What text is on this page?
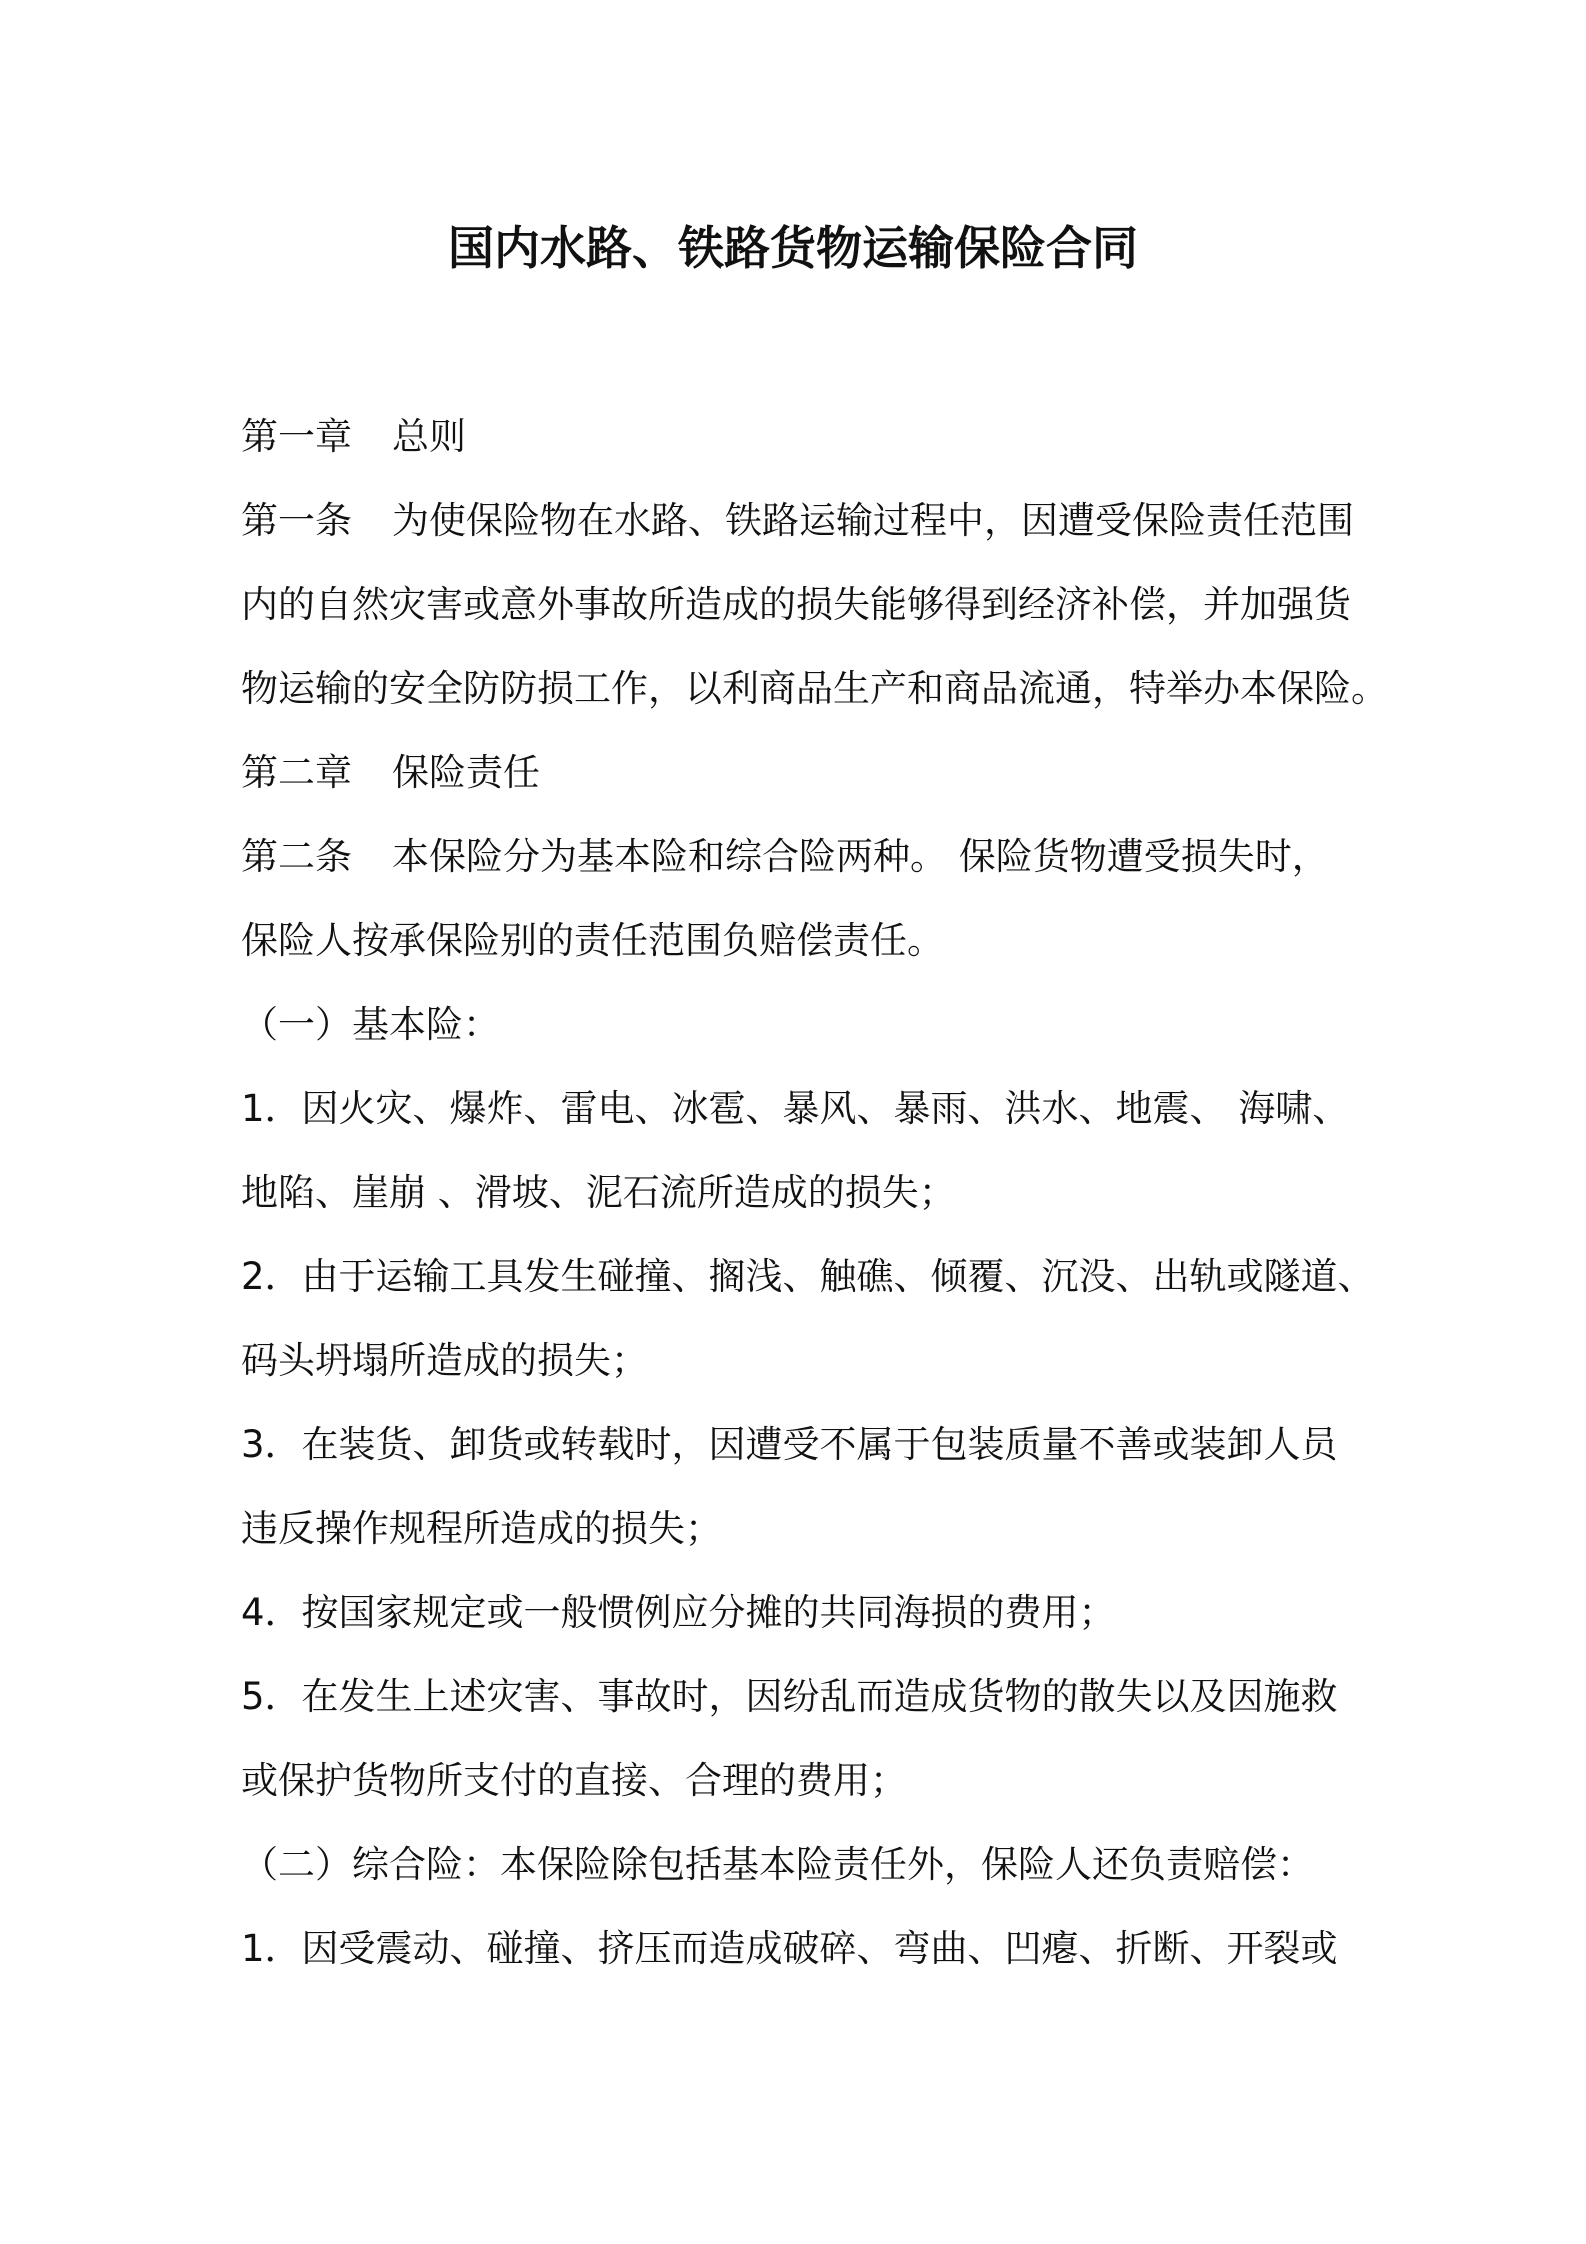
国内水路、铁路货物运输保险合同
第一章 总则
第一条 为使保险物在水路、铁路运输过程中，因遭受保险责任范围
内的自然灾害或意外事故所造成的损失能够得到经济补偿，并加强货
物运输的安全防防损工作，以利商品生产和商品流通，特举办本保险。
第二章 保险责任
第二条 本保险分为基本险和综合险两种。 保险货物遭受损失时，
保险人按承保险别的责任范围负赔偿责任。
（一）基本险：
1．因火灾、爆炸、雷电、冰雹、暴风、暴雨、洪水、地震、 海啸、
地陷、崖崩 、滑坡、泥石流所造成的损失；
2．由于运输工具发生碰撞、搁浅、触礁、倾覆、沉没、出轨或隧道、
码头坍塌所造成的损失；
3．在装货、卸货或转载时，因遭受不属于包装质量不善或装卸人员
违反操作规程所造成的损失；
4．按国家规定或一般惯例应分摊的共同海损的费用；
5．在发生上述灾害、事故时，因纷乱而造成货物的散失以及因施救
或保护货物所支付的直接、合理的费用；
（二）综合险：本保险除包括基本险责任外，保险人还负责赔偿：
1．因受震动、碰撞、挤压而造成破碎、弯曲、凹瘪、折断、开裂或
